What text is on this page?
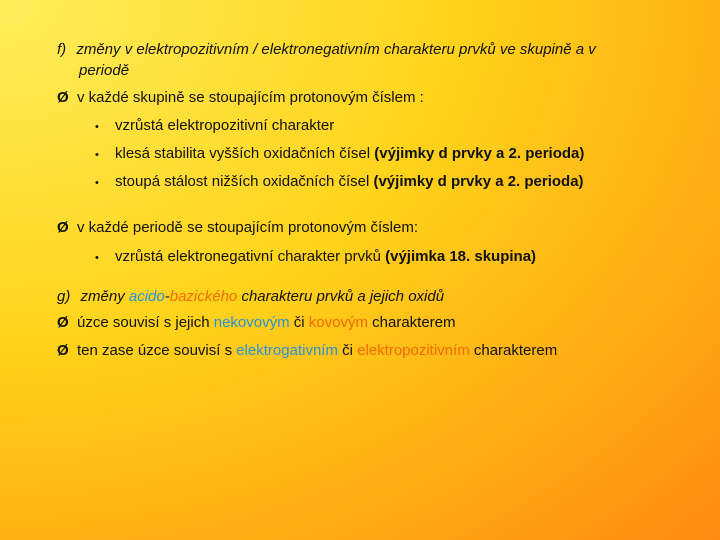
f) změny v elektropozitivním / elektronegativním charakteru prvků ve skupině a v
periodě
Ø v každé skupině se stoupajícím protonovým číslem :
• vzrůstá elektropozitivní charakter
• klesá stabilita vyšších oxidačních čísel (výjimky d prvky a 2. perioda)
• stoupá stálost nižších oxidačních čísel (výjimky d prvky a 2. perioda)
Ø v každé periodě se stoupajícím protonovým číslem:
• vzrůstá elektronegativní charakter prvků (výjimka 18. skupina)
g) změny acido-bazického charakteru prvků a jejich oxidů
Ø úzce souvisí s jejich nekovovým či kovovým charakterem
Ø ten zase úzce souvisí s elektrogativním či elektropozitivním charakterem
